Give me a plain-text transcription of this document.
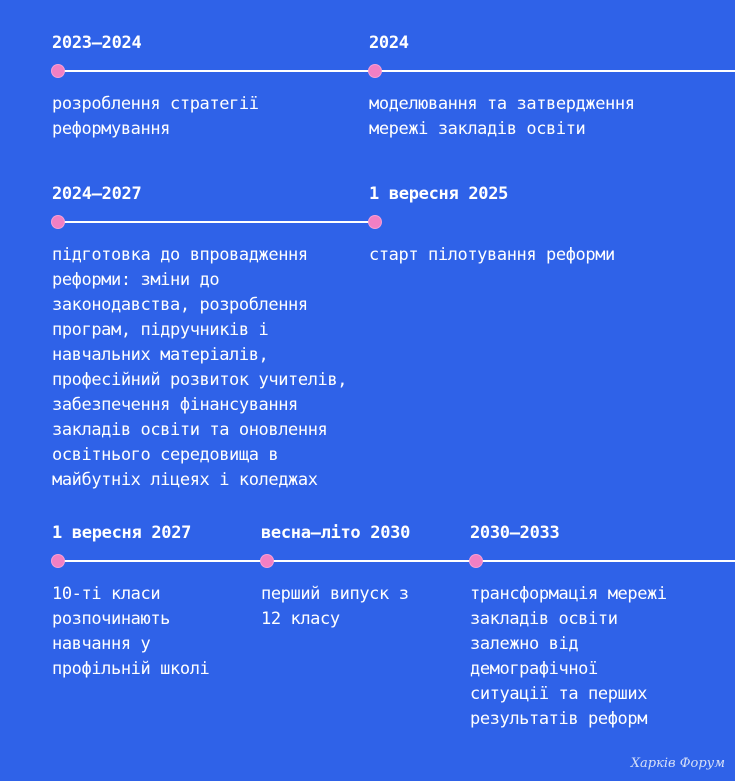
2023–2024
розроблення стратегії реформування
2024
моделювання та затвердження мережі закладів освіти
2024–2027
підготовка до впровадження реформи: зміни до законодавства, розроблення програм, підручників і навчальних матеріалів, професійний розвиток учителів, забезпечення фінансування закладів освіти та оновлення освітнього середовища в майбутніх ліцеях і коледжах
1 вересня 2025
старт пілотування реформи
1 вересня 2027
10-ті класи розпочинають навчання у профільній школі
весна–літо 2030
перший випуск з 12 класу
2030–2033
трансформація мережі закладів освіти залежно від демографічної ситуації та перших результатів реформ
Харків Форум
